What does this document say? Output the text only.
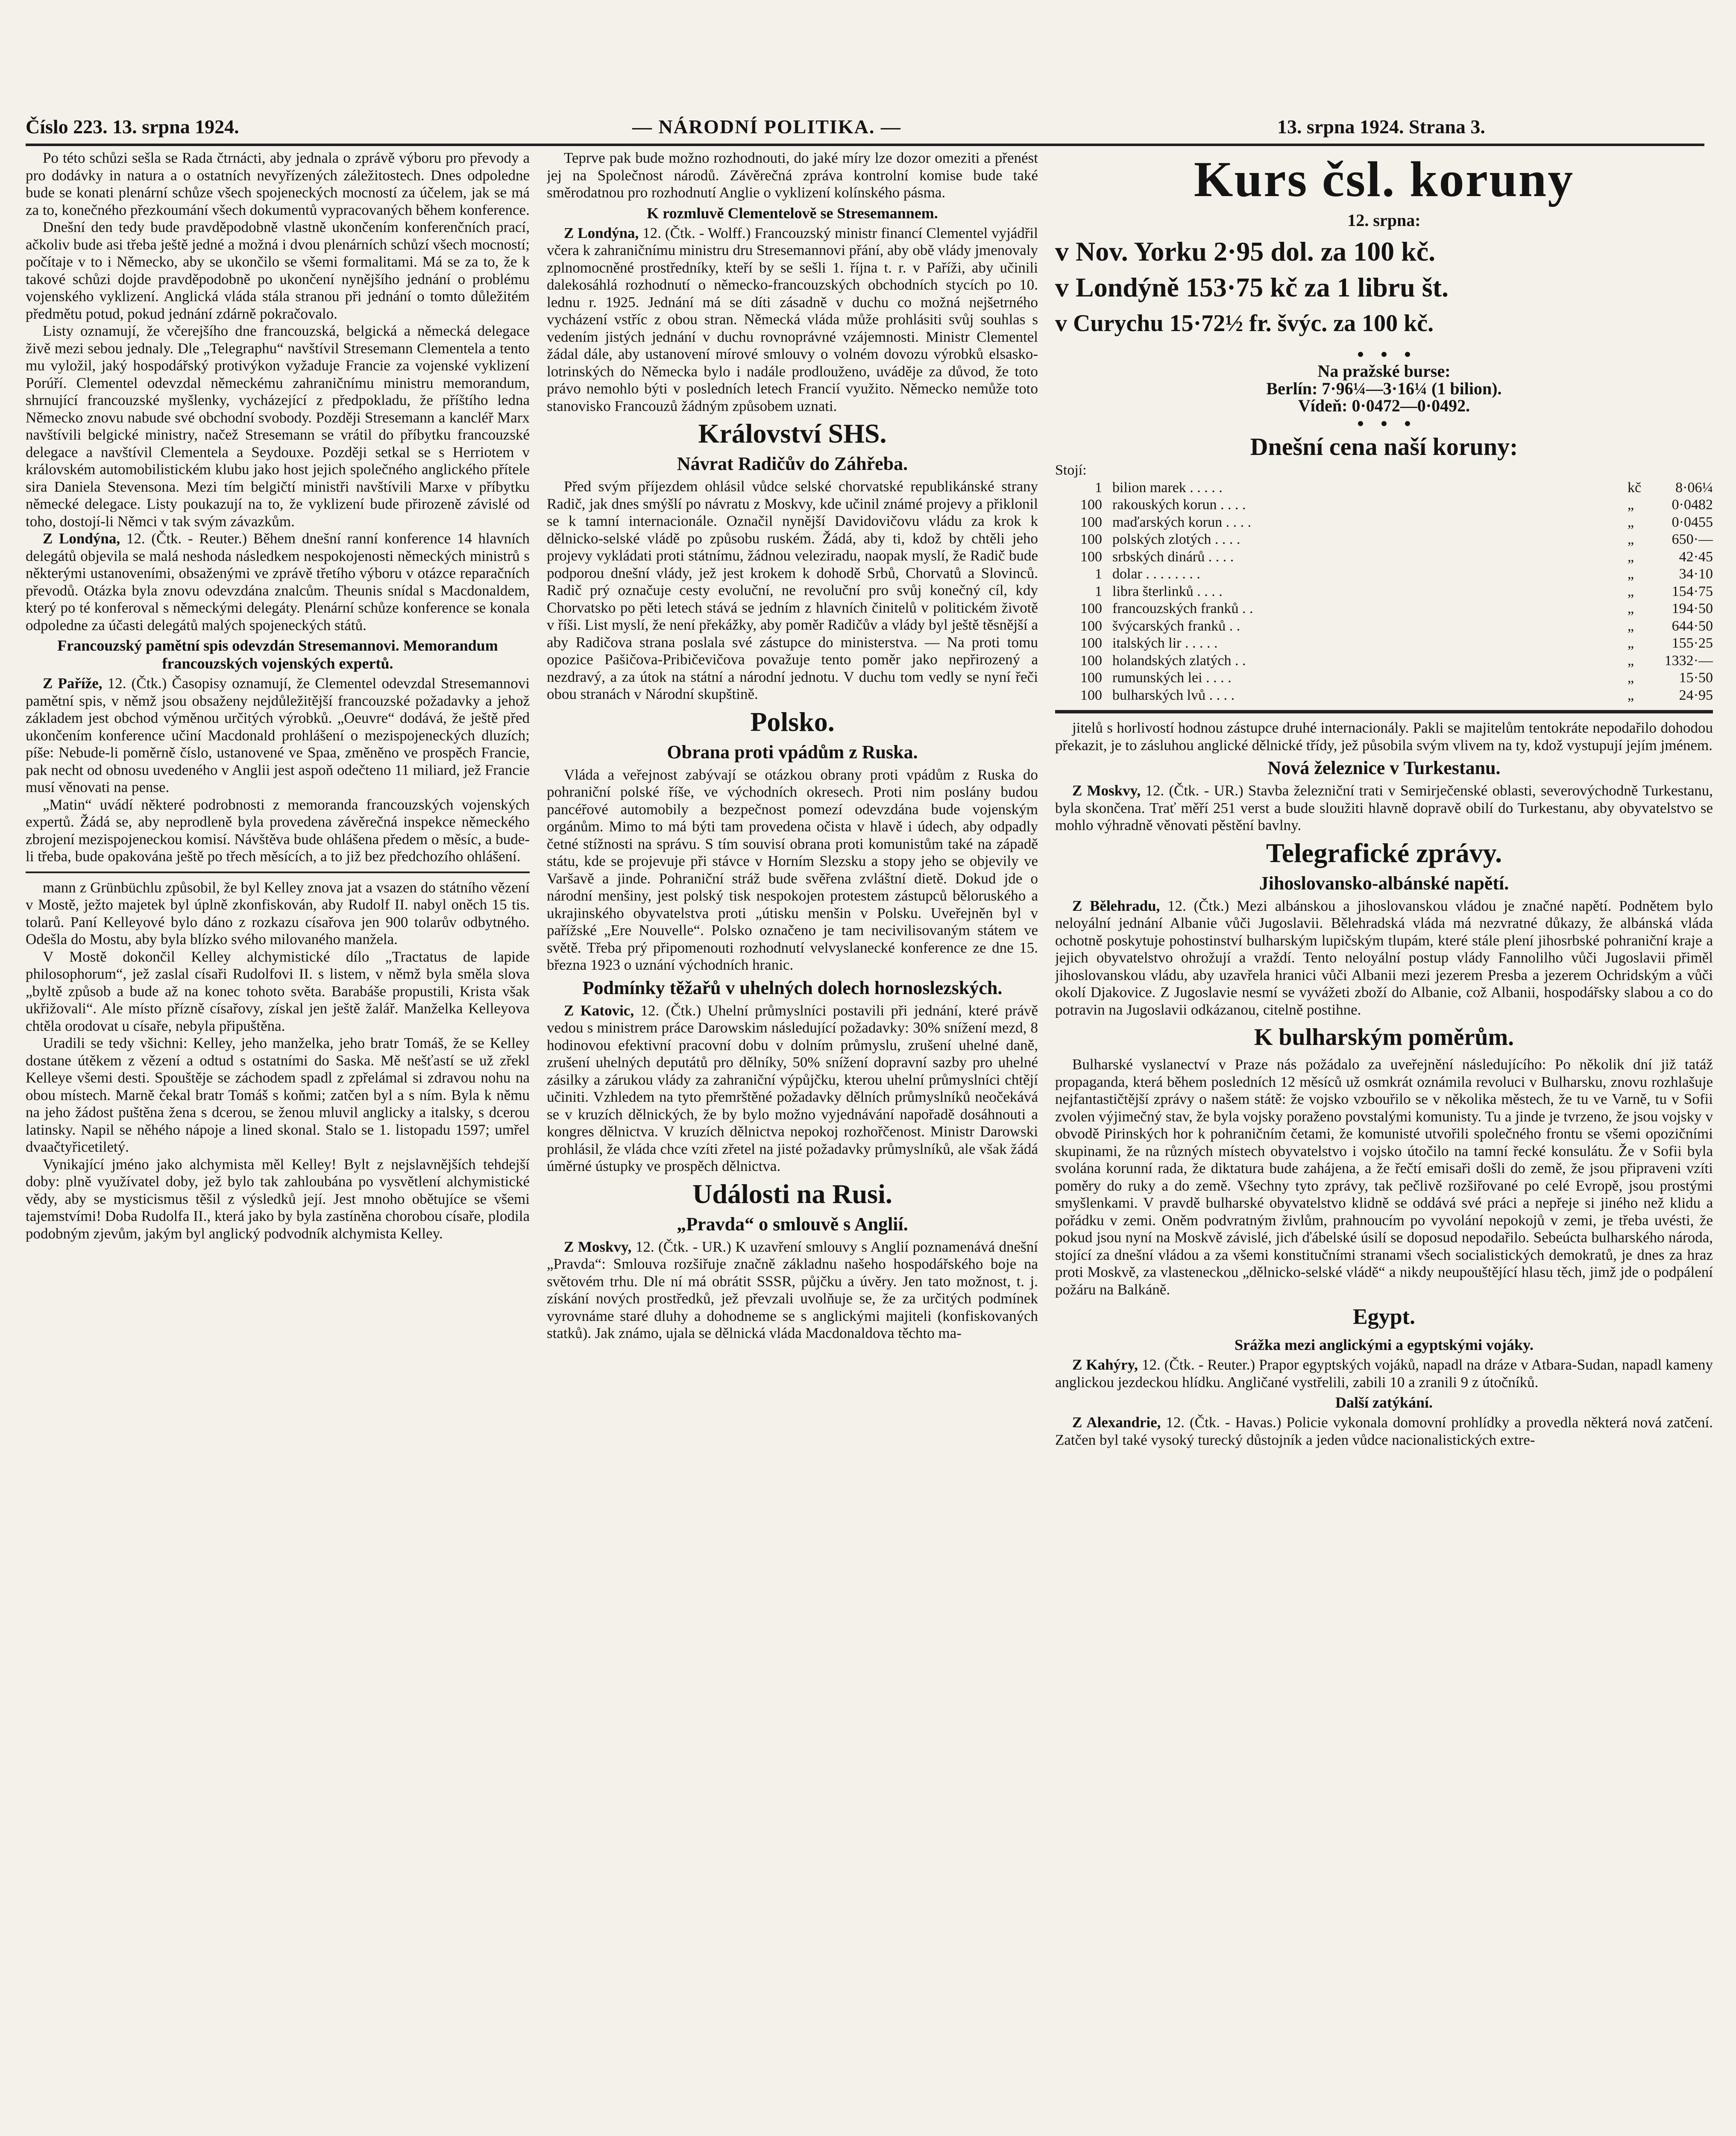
Číslo 223. 13. srpna 1924.	— NÁRODNÍ POLITIKA. —	13. srpna 1924. Strana 3.

Po této schůzi sešla se Rada čtrnácti, aby jednala o zprávě výboru pro převody a pro dodávky in natura a o ostatních nevyřízených záležitostech. Dnes odpoledne bude se konati plenární schůze všech spojeneckých mocností za účelem, jak se má za to, konečného přezkoumání všech dokumentů vypracovaných během konference.

Dnešní den tedy bude pravděpodobně vlastně ukončením konferenčních prací, ačkoliv bude asi třeba ještě jedné a možná i dvou plenárních schůzí všech mocností; počítaje v to i Německo, aby se ukončilo se všemi formalitami. Má se za to, že k takové schůzi dojde pravděpodobně po ukončení nynějšího jednání o problému vojenského vyklizení. Anglická vláda stála stranou při jednání o tomto důležitém předmětu potud, pokud jednání zdárně pokračovalo.

Listy oznamují, že včerejšího dne francouzská, belgická a německá delegace živě mezi sebou jednaly. Dle „Telegraphu“ navštívil Stresemann Clementela a tento mu vyložil, jaký hospodářský protivýkon vyžaduje Francie za vojenské vyklizení Porúří. Clementel odevzdal německému zahraničnímu ministru memorandum, shrnující francouzské myšlenky, vycházející z předpokladu, že příštího ledna Německo znovu nabude své obchodní svobody. Později Stresemann a kancléř Marx navštívili belgické ministry, načež Stresemann se vrátil do příbytku francouzské delegace a navštívil Clementela a Seydouxe. Později setkal se s Herriotem v královském automobilistickém klubu jako host jejich společného anglického přítele sira Daniela Stevensona. Mezi tím belgičtí ministři navštívili Marxe v příbytku německé delegace. Listy poukazují na to, že vyklizení bude přirozeně závislé od toho, dostojí-li Němci v tak svým závazkům.

Z Londýna, 12. (Čtk. - Reuter.) Během dnešní ranní konference 14 hlavních delegátů objevila se malá neshoda následkem nespokojenosti německých ministrů s některými ustanoveními, obsaženými ve zprávě třetího výboru v otázce reparačních převodů. Otázka byla znovu odevzdána znalcům. Theunis snídal s Macdonaldem, který po té konferoval s německými delegáty. Plenární schůze konference se konala odpoledne za účasti delegátů malých spojeneckých států.

Francouzský pamětní spis odevzdán Stresemannovi. Memorandum francouzských vojenských expertů.

Z Paříže, 12. (Čtk.) Časopisy oznamují, že Clementel odevzdal Stresemannovi pamětní spis, v němž jsou obsaženy nejdůležitější francouzské požadavky a jehož základem jest obchod výměnou určitých výrobků. „Oeuvre“ dodává, že ještě před ukončením konference učiní Macdonald prohlášení o mezispojeneckých dluzích; píše: Nebude-li poměrně číslo, ustanovené ve Spaa, změněno ve prospěch Francie, pak necht od obnosu uvedeného v Anglii jest aspoň odečteno 11 miliard, jež Francie musí věnovati na pense.

„Matin“ uvádí některé podrobnosti z memoranda francouzských vojenských expertů. Žádá se, aby neprodleně byla provedena závěrečná inspekce německého zbrojení mezispojeneckou komisí. Návštěva bude ohlášena předem o měsíc, a bude-li třeba, bude opakována ještě po třech měsících, a to již bez předchozího ohlášení.

mann z Grünbüchlu způsobil, že byl Kelley znova jat a vsazen do státního vězení v Mostě, ježto majetek byl úplně zkonfiskován, aby Rudolf II. nabyl oněch 15 tis. tolarů. Paní Kelleyové bylo dáno z rozkazu císařova jen 900 tolarův odbytného. Odešla do Mostu, aby byla blízko svého milovaného manžela.

V Mostě dokončil Kelley alchymistické dílo „Tractatus de lapide philosophorum“, jež zaslal císaři Rudolfovi II. s listem, v němž byla směla slova „byltě způsob a bude až na konec tohoto světa. Barabáše propustili, Krista však ukřižovali“. Ale místo přízně císařovy, získal jen ještě žalář. Manželka Kelleyova chtěla orodovat u císaře, nebyla připuštěna.

Uradili se tedy všichni: Kelley, jeho manželka, jeho bratr Tomáš, že se Kelley dostane útěkem z vězení a odtud s ostatními do Saska. Mě nešťastí se už zřekl Kelleye všemi desti. Spouštěje se záchodem spadl z zpřelámal si zdravou nohu na obou místech. Marně čekal bratr Tomáš s koňmi; zatčen byl a s ním. Byla k němu na jeho žádost puštěna žena s dcerou, se ženou mluvil anglicky a italsky, s dcerou latinsky. Napil se něhého nápoje a lined skonal. Stalo se 1. listopadu 1597; umřel dvaačtyřicetiletý.

Vynikající jméno jako alchymista měl Kelley! Bylt z nejslavnějších tehdejší doby: plně využívatel doby, jež bylo tak zahloubána po vysvětlení alchymistické vědy, aby se mysticismus těšil z výsledků její. Jest mnoho obětujíce se všemi tajemstvími! Doba Rudolfa II., která jako by byla zastíněna chorobou císaře, plodila podobným zjevům, jakým byl anglický podvodník alchymista Kelley.

Teprve pak bude možno rozhodnouti, do jaké míry lze dozor omeziti a přenést jej na Společnost národů. Závěrečná zpráva kontrolní komise bude také směrodatnou pro rozhodnutí Anglie o vyklizení kolínského pásma.

K rozmluvě Clementelově se Stresemannem.

Z Londýna, 12. (Čtk. - Wolff.) Francouzský ministr financí Clementel vyjádřil včera k zahraničnímu ministru dru Stresemannovi přání, aby obě vlády jmenovaly zplnomocněné prostředníky, kteří by se sešli 1. října t. r. v Paříži, aby učinili dalekosáhlá rozhodnutí o německo-francouzských obchodních stycích po 10. lednu r. 1925. Jednání má se díti zásadně v duchu co možná nejšetrného vycházení vstříc z obou stran. Německá vláda může prohlásiti svůj souhlas s vedením jistých jednání v duchu rovnoprávné vzájemnosti. Ministr Clementel žádal dále, aby ustanovení mírové smlouvy o volném dovozu výrobků elsasko-lotrinských do Německa bylo i nadále prodlouženo, uváděje za důvod, že toto právo nemohlo býti v posledních letech Francií využito. Německo nemůže toto stanovisko Francouzů žádným způsobem uznati.

Království SHS.
Návrat Radičův do Záhřeba.

Před svým příjezdem ohlásil vůdce selské chorvatské republikánské strany Radič, jak dnes smýšlí po návratu z Moskvy, kde učinil známé projevy a přiklonil se k tamní internacionále. Označil nynější Davidovičovu vládu za krok k dělnicko-selské vládě po způsobu ruském. Žádá, aby ti, kdož by chtěli jeho projevy vykládati proti státnímu, žádnou veleziradu, naopak myslí, že Radič bude podporou dnešní vlády, jež jest krokem k dohodě Srbů, Chorvatů a Slovinců. Radič prý označuje cesty evoluční, ne revoluční pro svůj konečný cíl, kdy Chorvatsko po pěti letech stává se jedním z hlavních činitelů v politickém životě v říši. List myslí, že není překážky, aby poměr Radičův a vlády byl ještě těsnější a aby Radičova strana poslala své zástupce do ministerstva. — Na proti tomu opozice Pašičova-Pribičevičova považuje tento poměr jako nepřirozený a nezdravý, a za útok na státní a národní jednotu. V duchu tom vedly se nyní řeči obou stranách v Národní skupštině.

Polsko.
Obrana proti vpádům z Ruska.

Vláda a veřejnost zabývají se otázkou obrany proti vpádům z Ruska do pohraniční polské říše, ve východních okresech. Proti nim poslány budou pancéřové automobily a bezpečnost pomezí odevzdána bude vojenským orgánům. Mimo to má býti tam provedena očista v hlavě i údech, aby odpadly četné stížnosti na správu. S tím souvisí obrana proti komunistům také na západě státu, kde se projevuje při stávce v Horním Slezsku a stopy jeho se objevily ve Varšavě a jinde. Pohraniční stráž bude svěřena zvláštní dietě. Dokud jde o národní menšiny, jest polský tisk nespokojen protestem zástupců běloruského a ukrajinského obyvatelstva proti „útisku menšin v Polsku. Uveřejněn byl v pařížské „Ere Nouvelle“. Polsko označeno je tam necivilisovaným státem ve světě. Třeba prý připomenouti rozhodnutí velvyslanecké konference ze dne 15. března 1923 o uznání východních hranic.

Podmínky těžařů v uhelných dolech hornoslezských.

Z Katovic, 12. (Čtk.) Uhelní průmyslníci postavili při jednání, které právě vedou s ministrem práce Darowskim následující požadavky: 30% snížení mezd, 8 hodinovou efektivní pracovní dobu v dolním průmyslu, zrušení uhelné daně, zrušení uhelných deputátů pro dělníky, 50% snížení dopravní sazby pro uhelné zásilky a zárukou vlády za zahraniční výpůjčku, kterou uhelní průmyslníci chtějí učiniti. Vzhledem na tyto přemrštěné požadavky dělních průmyslníků neočekává se v kruzích dělnických, že by bylo možno vyjednávání napořadě dosáhnouti a kongres dělnictva. V kruzích dělnictva nepokoj rozhořčenost. Ministr Darowski prohlásil, že vláda chce vzíti zřetel na jisté požadavky průmyslníků, ale však žádá úměrné ústupky ve prospěch dělnictva.

Události na Rusi.
„Pravda“ o smlouvě s Anglií.

Z Moskvy, 12. (Čtk. - UR.) K uzavření smlouvy s Anglií poznamenává dnešní „Pravda“: Smlouva rozšiřuje značně základnu našeho hospodářského boje na světovém trhu. Dle ní má obrátit SSSR, půjčku a úvěry. Jen tato možnost, t. j. získání nových prostředků, jež převzali uvolňuje se, že za určitých podmínek vyrovnáme staré dluhy a dohodneme se s anglickými majiteli (konfiskovaných statků). Jak známo, ujala se dělnická vláda Macdonaldova těchto ma-

Kurs čsl. koruny
12. srpna:
v Nov. Yorku 2·95 dol. za 100 kč.
v Londýně 153·75 kč za 1 libru št.
v Curychu 15·72½ fr. švýc. za 100 kč.
•   •   •
Na pražské burse:
Berlín: 7·96¼—3·16¼ (1 bilion).
Vídeň: 0·0472—0·0492.
•   •   •
Dnešní cena naší koruny:
Stojí:
1 bilion marek . . . . .	kč	8·06¼
100 rakouských korun . . . .	„	0·0482
100 maďarských korun . . . .	„	0·0455
100 polských zlotých . . . .	„	650·—
100 srbských dinárů . . . .	„	42·45
1 dolar . . . . . . . .	„	34·10
1 libra šterlinků . . . .	„	154·75
100 francouzských franků . .	„	194·50
100 švýcarských franků . .	„	644·50
100 italských lir . . . . .	„	155·25
100 holandských zlatých . .	„	1332·—
100 rumunských lei . . . .	„	15·50
100 bulharských lvů . . . .	„	24·95

jitelů s horlivostí hodnou zástupce druhé internacionály. Pakli se majitelům tentokráte nepodařilo dohodou překazit, je to zásluhou anglické dělnické třídy, jež působila svým vlivem na ty, kdož vystupují jejím jménem.

Nová železnice v Turkestanu.

Z Moskvy, 12. (Čtk. - UR.) Stavba železniční trati v Semirječenské oblasti, severovýchodně Turkestanu, byla skončena. Trať měří 251 verst a bude sloužiti hlavně dopravě obilí do Turkestanu, aby obyvatelstvo se mohlo výhradně věnovati pěstění bavlny.

Telegrafické zprávy.
Jihoslovansko-albánské napětí.

Z Bělehradu, 12. (Čtk.) Mezi albánskou a jihoslovanskou vládou je značné napětí. Podnětem bylo neloyální jednání Albanie vůči Jugoslavii. Bělehradská vláda má nezvratné důkazy, že albánská vláda ochotně poskytuje pohostinství bulharským lupičským tlupám, které stále plení jihosrbské pohraniční kraje a jejich obyvatelstvo ohrožují a vraždí. Tento neloyální postup vlády Fannolilho vůči Jugoslavii přiměl jihoslovanskou vládu, aby uzavřela hranici vůči Albanii mezi jezerem Presba a jezerem Ochridským a vůči okolí Djakovice. Z Jugoslavie nesmí se vyvážeti zboží do Albanie, což Albanii, hospodářsky slabou a co do potravin na Jugoslavii odkázanou, citelně postihne.

K bulharským poměrům.

Bulharské vyslanectví v Praze nás požádalo za uveřejnění následujícího: Po několik dní již tatáž propaganda, která během posledních 12 měsíců už osmkrát oznámila revoluci v Bulharsku, znovu rozhlašuje nejfantastičtější zprávy o našem státě: že vojsko vzbouřilo se v několika městech, že tu ve Varně, tu v Sofii zvolen výjimečný stav, že byla vojsky poraženo povstalými komunisty. Tu a jinde je tvrzeno, že jsou vojsky v obvodě Pirinských hor k pohraničním četami, že komunisté utvořili společného frontu se všemi opozičními skupinami, že na různých místech obyvatelstvo i vojsko útočilo na tamní řecké konsulátu. Že v Sofii byla svolána korunní rada, že diktatura bude zahájena, a že řečtí emisaři došli do země, že jsou připraveni vzíti poměry do ruky a do země. Všechny tyto zprávy, tak pečlivě rozšiřované po celé Evropě, jsou prostými smyšlenkami. V pravdě bulharské obyvatelstvo klidně se oddává své práci a nepřeje si jiného než klidu a pořádku v zemi. Oněm podvratným živlům, prahnoucím po vyvolání nepokojů v zemi, je třeba uvésti, že pokud jsou nyní na Moskvě závislé, jich ďábelské úsilí se doposud nepodařilo. Sebeúcta bulharského národa, stojící za dnešní vládou a za všemi konstitučními stranami všech socialistických demokratů, je dnes za hraz proti Moskvě, za vlasteneckou „dělnicko-selské vládě“ a nikdy neupouštějící hlasu těch, jimž jde o podpálení požáru na Balkáně.

Egypt.
Srážka mezi anglickými a egyptskými vojáky.

Z Kahýry, 12. (Čtk. - Reuter.) Prapor egyptských vojáků, napadl na dráze v Atbara-Sudan, napadl kameny anglickou jezdeckou hlídku. Angličané vystřelili, zabili 10 a zranili 9 z útočníků.

Další zatýkání.

Z Alexandrie, 12. (Čtk. - Havas.) Policie vykonala domovní prohlídky a provedla některá nová zatčení. Zatčen byl také vysoký turecký důstojník a jeden vůdce nacionalistických extre-
